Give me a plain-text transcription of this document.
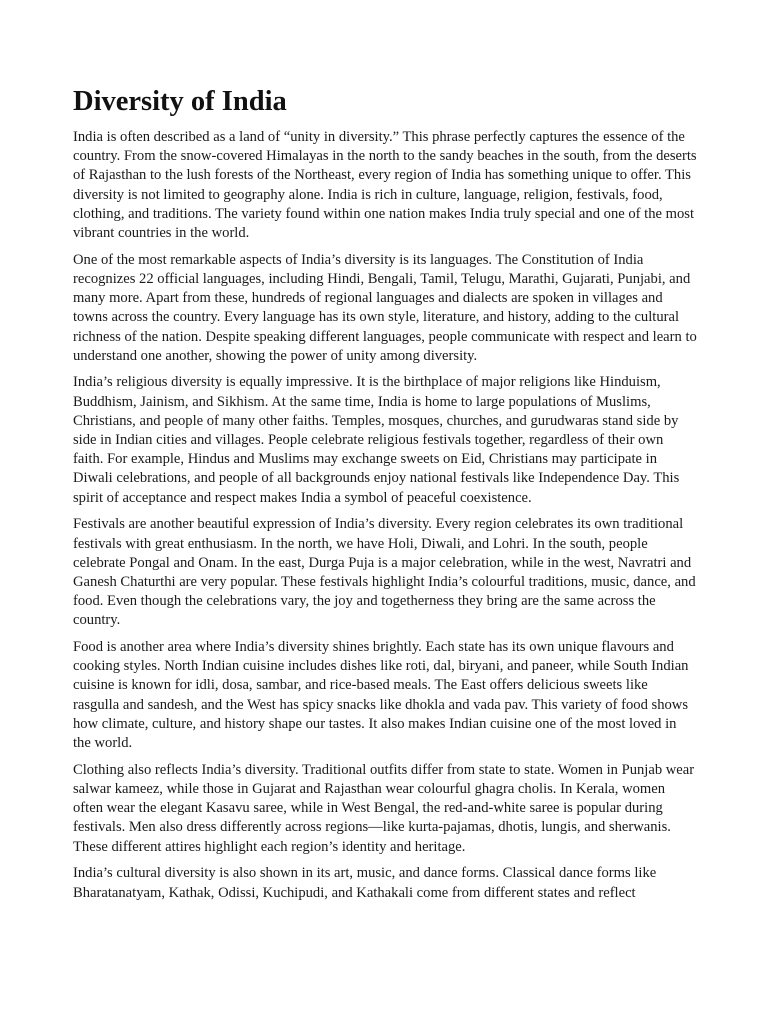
Diversity of India

India is often described as a land of “unity in diversity.” This phrase perfectly captures the essence of the country. From the snow-covered Himalayas in the north to the sandy beaches in the south, from the deserts of Rajasthan to the lush forests of the Northeast, every region of India has something unique to offer. This diversity is not limited to geography alone. India is rich in culture, language, religion, festivals, food, clothing, and traditions. The variety found within one nation makes India truly special and one of the most vibrant countries in the world.

One of the most remarkable aspects of India’s diversity is its languages. The Constitution of India recognizes 22 official languages, including Hindi, Bengali, Tamil, Telugu, Marathi, Gujarati, Punjabi, and many more. Apart from these, hundreds of regional languages and dialects are spoken in villages and towns across the country. Every language has its own style, literature, and history, adding to the cultural richness of the nation. Despite speaking different languages, people communicate with respect and learn to understand one another, showing the power of unity among diversity.

India’s religious diversity is equally impressive. It is the birthplace of major religions like Hinduism, Buddhism, Jainism, and Sikhism. At the same time, India is home to large populations of Muslims, Christians, and people of many other faiths. Temples, mosques, churches, and gurudwaras stand side by side in Indian cities and villages. People celebrate religious festivals together, regardless of their own faith. For example, Hindus and Muslims may exchange sweets on Eid, Christians may participate in Diwali celebrations, and people of all backgrounds enjoy national festivals like Independence Day. This spirit of acceptance and respect makes India a symbol of peaceful coexistence.

Festivals are another beautiful expression of India’s diversity. Every region celebrates its own traditional festivals with great enthusiasm. In the north, we have Holi, Diwali, and Lohri. In the south, people celebrate Pongal and Onam. In the east, Durga Puja is a major celebration, while in the west, Navratri and Ganesh Chaturthi are very popular. These festivals highlight India’s colourful traditions, music, dance, and food. Even though the celebrations vary, the joy and togetherness they bring are the same across the country.

Food is another area where India’s diversity shines brightly. Each state has its own unique flavours and cooking styles. North Indian cuisine includes dishes like roti, dal, biryani, and paneer, while South Indian cuisine is known for idli, dosa, sambar, and rice-based meals. The East offers delicious sweets like rasgulla and sandesh, and the West has spicy snacks like dhokla and vada pav. This variety of food shows how climate, culture, and history shape our tastes. It also makes Indian cuisine one of the most loved in the world.

Clothing also reflects India’s diversity. Traditional outfits differ from state to state. Women in Punjab wear salwar kameez, while those in Gujarat and Rajasthan wear colourful ghagra cholis. In Kerala, women often wear the elegant Kasavu saree, while in West Bengal, the red-and-white saree is popular during festivals. Men also dress differently across regions—like kurta-pajamas, dhotis, lungis, and sherwanis. These different attires highlight each region’s identity and heritage.

India’s cultural diversity is also shown in its art, music, and dance forms. Classical dance forms like Bharatanatyam, Kathak, Odissi, Kuchipudi, and Kathakali come from different states and reflect
